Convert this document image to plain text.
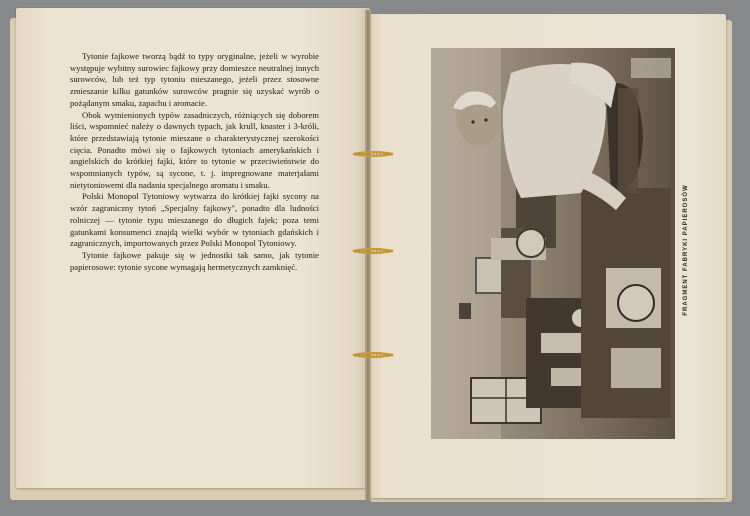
Tytonie fajkowe tworzą bądź to typy oryginalne, jeżeli w wyrobie występuje wybitny surowiec fajkowy przy domieszce neutralnej innych surowców, lub też typ tytoniu mieszanego, jeżeli przez stosowne zmieszanie kilku gatunków surowców pragnie się uzyskać wyrób o pożądanym smaku, zapachu i aromacie.

Obok wymienionych typów zasadniczych, różniących się doborem liści, wspomnieć należy o dawnych typach, jak krull, knaster i 3-króli, które przedstawiają tytonie mieszane o charakterystycznej szerokości cięcia. Ponadto mówi się o fajkowych tytoniach amerykańskich i angielskich do krótkiej fajki, które to tytonie w przeciwieństwie do wspomnianych typów, są sycone, t. j. impregnowane materjałami nietytoniowemi dla nadania specjalnego aromatu i smaku.

Polski Monopol Tytoniowy wytwarza do krótkiej fajki sycony na wzór zagraniczny tytoń „Specjalny fajkowy", ponadto dla ludności rolniczej — tytonie typu mieszanego do długich fajek; poza temi gatunkami konsumenci znajdą wielki wybór w tytoniach gdańskich i zagranicznych, importowanych przez Polski Monopol Tytoniowy.

Tytonie fajkowe pakuje się w jednostki tak samo, jak tytonie papierosowe: tytonie sycone wymagają hermetycznych zamknięć.	FRAGMENT FABRYKI PAPIEROSÓW
